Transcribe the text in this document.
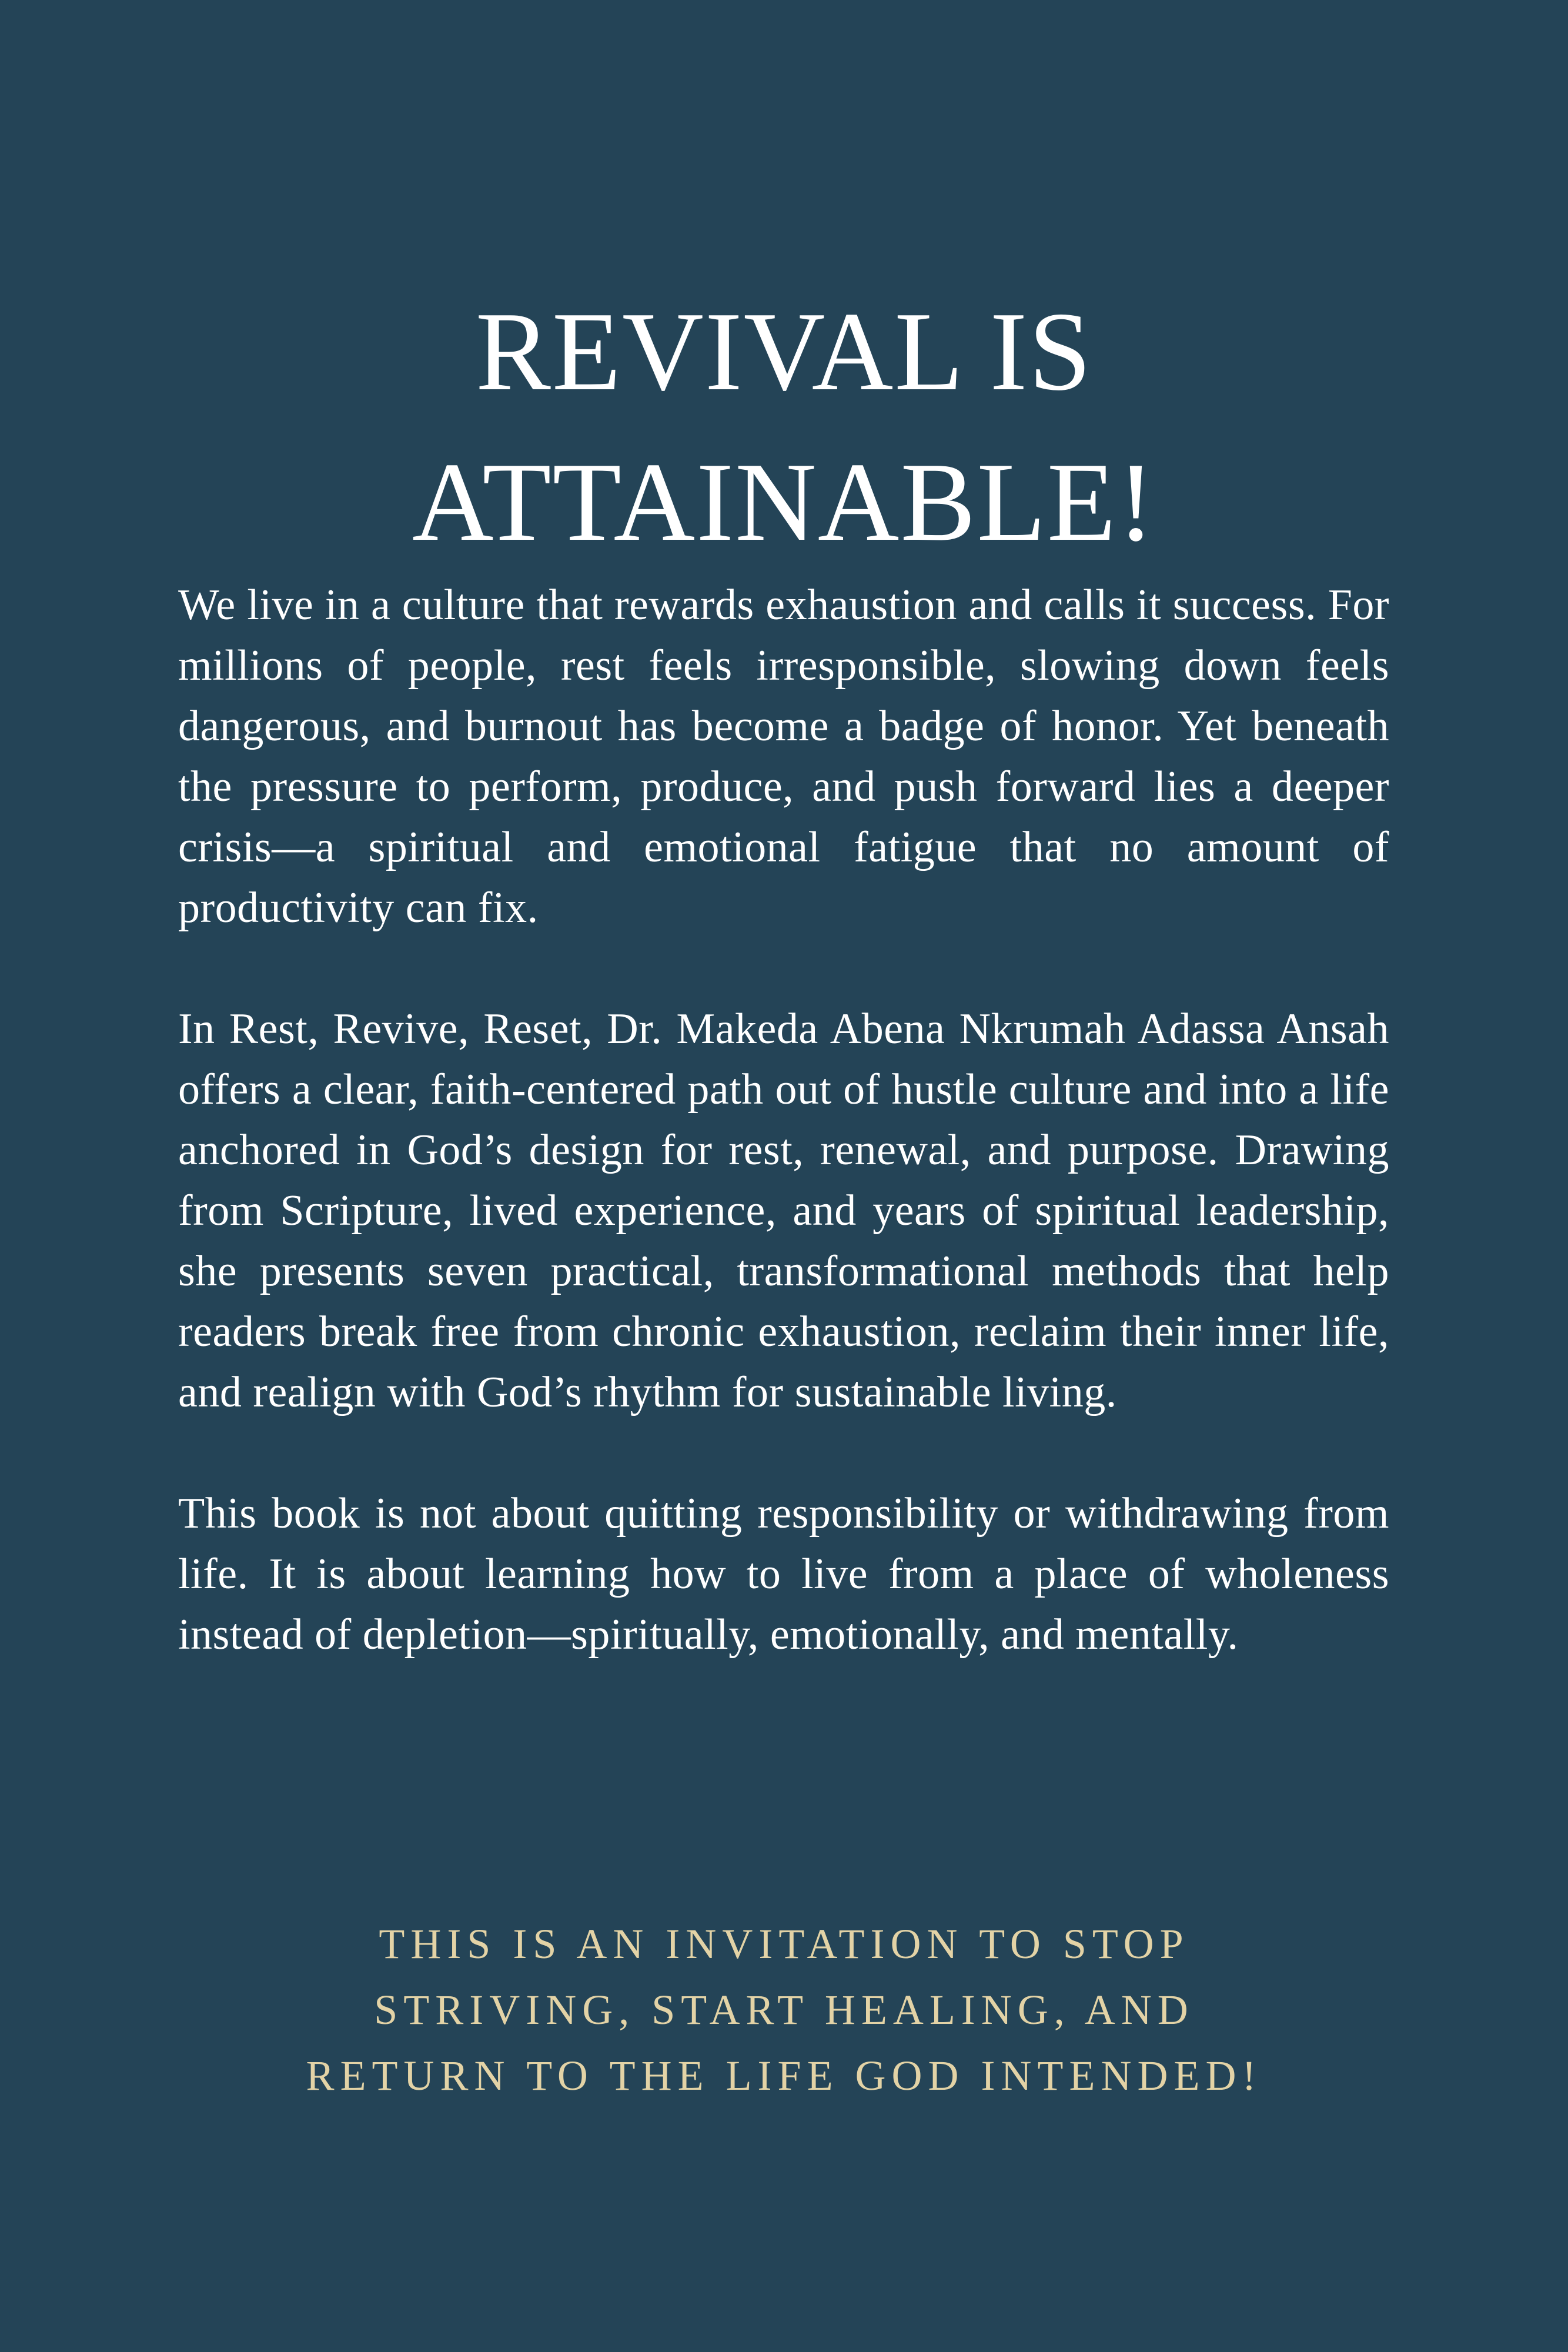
REVIVAL IS
ATTAINABLE!

We live in a culture that rewards exhaustion and calls it success. For millions of people, rest feels irresponsible, slowing down feels dangerous, and burnout has become a badge of honor. Yet beneath the pressure to perform, produce, and push forward lies a deeper crisis—a spiritual and emotional fatigue that no amount of productivity can fix.

In Rest, Revive, Reset, Dr. Makeda Abena Nkrumah Adassa Ansah offers a clear, faith-centered path out of hustle culture and into a life anchored in God’s design for rest, renewal, and purpose. Drawing from Scripture, lived experience, and years of spiritual leadership, she presents seven practical, transformational methods that help readers break free from chronic exhaustion, reclaim their inner life, and realign with God’s rhythm for sustainable living.

This book is not about quitting responsibility or withdrawing from life. It is about learning how to live from a place of wholeness instead of depletion—spiritually, emotionally, and mentally.

THIS IS AN INVITATION TO STOP
STRIVING, START HEALING, AND
RETURN TO THE LIFE GOD INTENDED!
